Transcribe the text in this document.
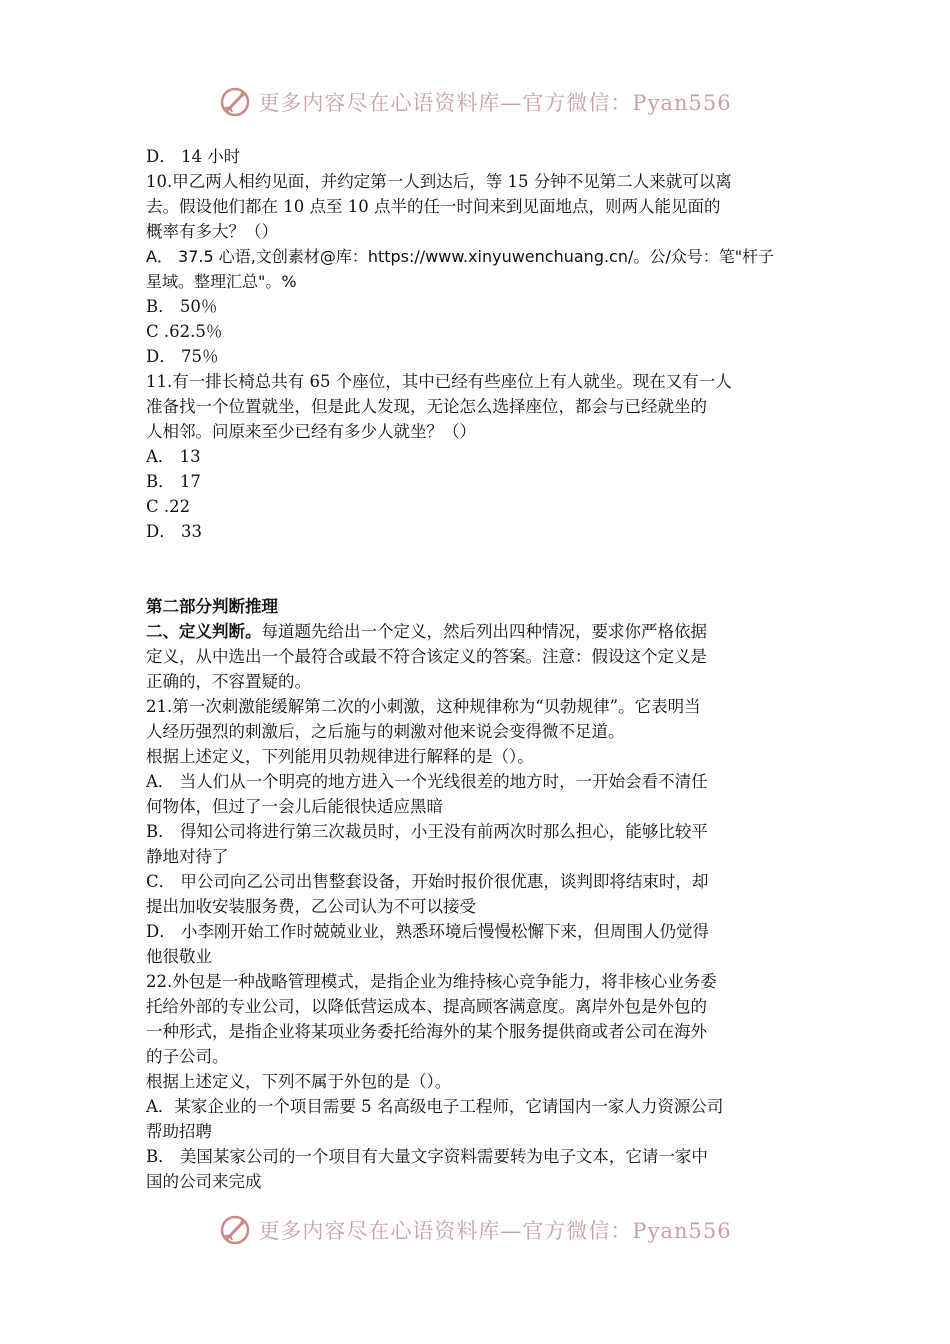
更多内容尽在心语资料库—官方微信：Pyan556
D． 14 小时
10.甲乙两人相约见面，并约定第一人到达后，等 15 分钟不见第二人来就可以离
去。假设他们都在 10 点至 10 点半的任一时间来到见面地点，则两人能见面的
概率有多大？（）
A． 37.5 心语,文创素材@库：https://www.xinyuwenchuang.cn/。公/众号：笔"杆子
星域。整理汇总"。%
B． 50％
C .62.5％
D． 75％
11.有一排长椅总共有 65 个座位，其中已经有些座位上有人就坐。现在又有一人
准备找一个位置就坐，但是此人发现，无论怎么选择座位，都会与已经就坐的
人相邻。问原来至少已经有多少人就坐？（）
A． 13
B． 17
C .22
D． 33
第二部分判断推理
二、定义判断。每道题先给出一个定义，然后列出四种情况，要求你严格依据
定义，从中选出一个最符合或最不符合该定义的答案。注意：假设这个定义是
正确的，不容置疑的。
21.第一次刺激能缓解第二次的小刺激，这种规律称为“贝勃规律”。它表明当
人经历强烈的刺激后，之后施与的刺激对他来说会变得微不足道。
根据上述定义，下列能用贝勃规律进行解释的是（）。
A． 当人们从一个明亮的地方进入一个光线很差的地方时，一开始会看不清任
何物体，但过了一会儿后能很快适应黑暗
B． 得知公司将进行第三次裁员时，小王没有前两次时那么担心，能够比较平
静地对待了
C． 甲公司向乙公司出售整套设备，开始时报价很优惠，谈判即将结束时，却
提出加收安装服务费，乙公司认为不可以接受
D． 小李刚开始工作时兢兢业业，熟悉环境后慢慢松懈下来，但周围人仍觉得
他很敬业
22.外包是一种战略管理模式，是指企业为维持核心竞争能力，将非核心业务委
托给外部的专业公司，以降低营运成本、提高顾客满意度。离岸外包是外包的
一种形式，是指企业将某项业务委托给海外的某个服务提供商或者公司在海外
的子公司。
根据上述定义，下列不属于外包的是（）。
A．某家企业的一个项目需要 5 名高级电子工程师，它请国内一家人力资源公司
帮助招聘
B． 美国某家公司的一个项目有大量文字资料需要转为电子文本，它请一家中
国的公司来完成
更多内容尽在心语资料库—官方微信：Pyan556
